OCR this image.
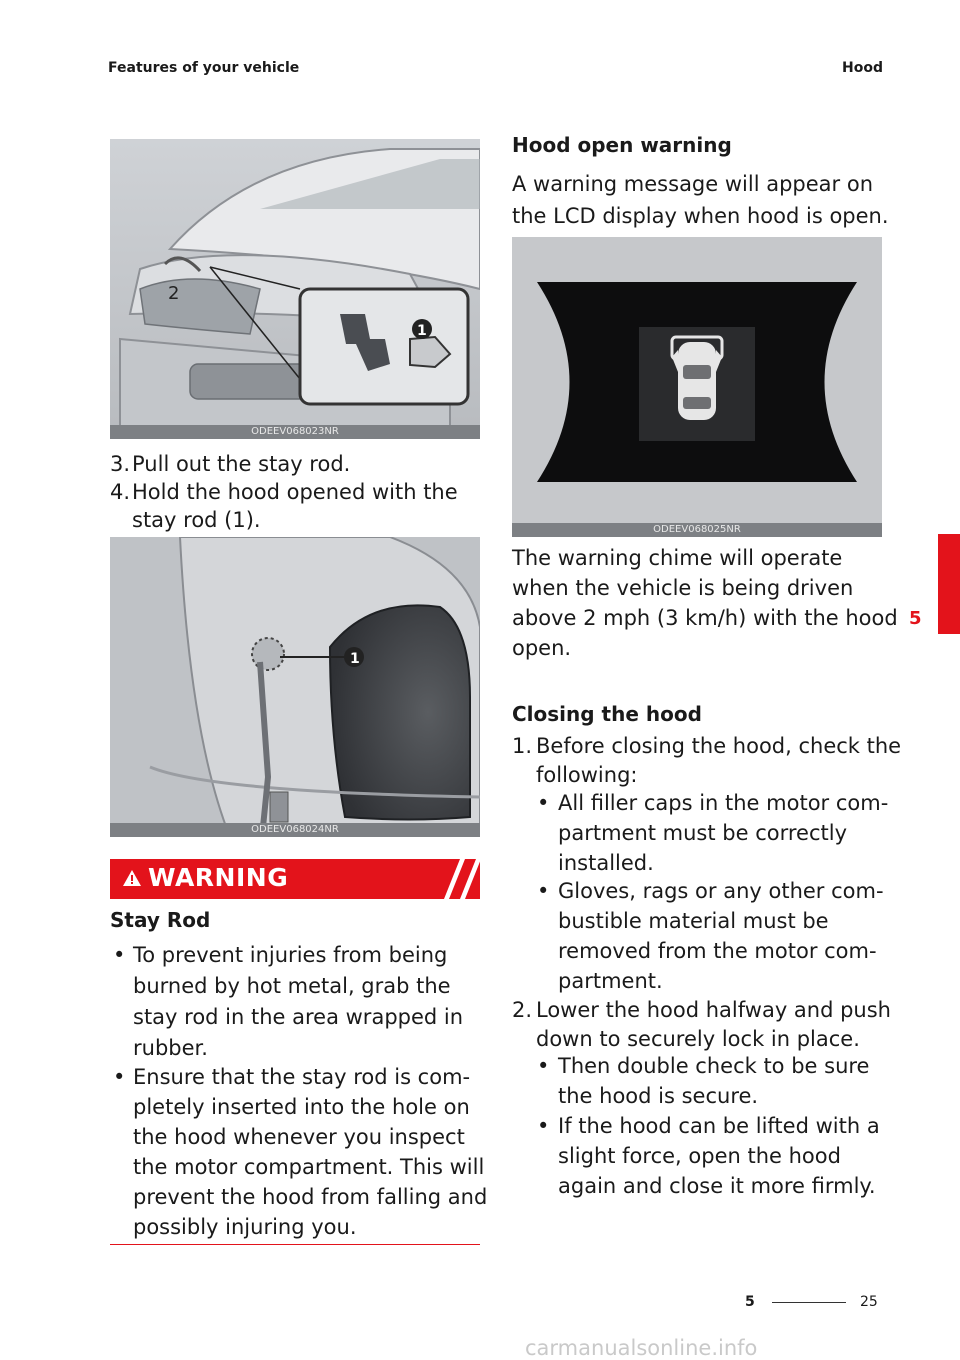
Features of your vehicle	Hood
2
1
ODEEV068023NR
3. Pull out the stay rod.
4. Hold the hood opened with the
stay rod (1).
1
ODEEV068024NR
WARNING
Stay Rod
• To prevent injuries from being
burned by hot metal, grab the
stay rod in the area wrapped in
rubber.
• Ensure that the stay rod is com-
pletely inserted into the hole on
the hood whenever you inspect
the motor compartment. This will
prevent the hood from falling and
possibly injuring you.
Hood open warning
A warning message will appear on
the LCD display when hood is open.
ODEEV068025NR
The warning chime will operate
when the vehicle is being driven
above 2 mph (3 km/h) with the hood
open.
Closing the hood
1. Before closing the hood, check the
following:
• All filler caps in the motor com-
partment must be correctly
installed.
• Gloves, rags or any other com-
bustible material must be
removed from the motor com-
partment.
2. Lower the hood halfway and push
down to securely lock in place.
• Then double check to be sure
the hood is secure.
• If the hood can be lifted with a
slight force, open the hood
again and close it more firmly.
5
5	25
carmanualsonline.info
